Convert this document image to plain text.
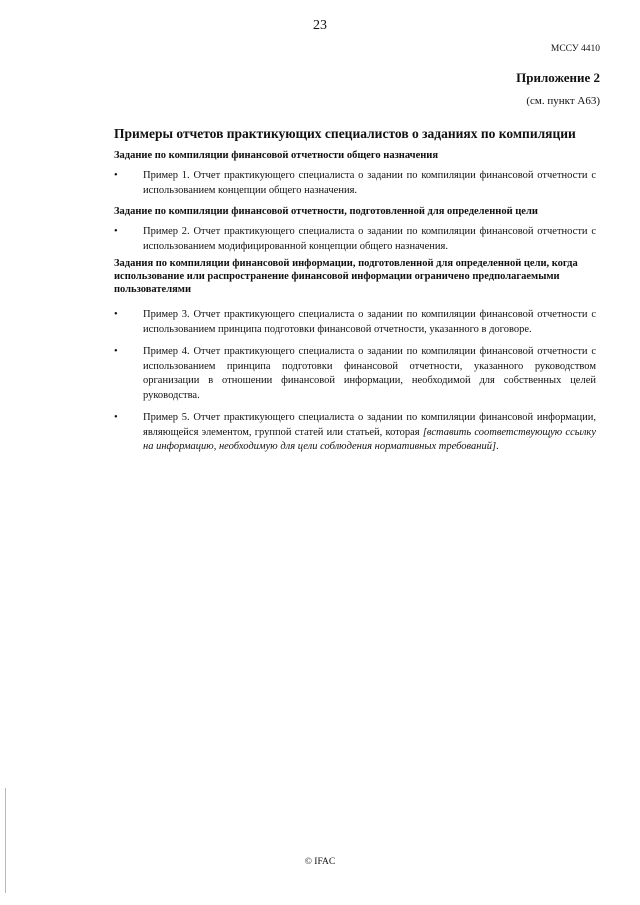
23
МССУ 4410
Приложение 2
(см. пункт А63)
Примеры отчетов практикующих специалистов о заданиях по компиляции
Задание по компиляции финансовой отчетности общего назначения
• Пример 1. Отчет практикующего специалиста о задании по компиляции финансовой отчетности с использованием концепции общего назначения.
Задание по компиляции финансовой отчетности, подготовленной для определенной цели
• Пример 2. Отчет практикующего специалиста о задании по компиляции финансовой отчетности с использованием модифицированной концепции общего назначения.
Задания по компиляции финансовой информации, подготовленной для определенной цели, когда использование или распространение финансовой информации ограничено предполагаемыми пользователями
• Пример 3. Отчет практикующего специалиста о задании по компиляции финансовой отчетности с использованием принципа подготовки финансовой отчетности, указанного в договоре.
• Пример 4. Отчет практикующего специалиста о задании по компиляции финансовой отчетности с использованием принципа подготовки финансовой отчетности, указанного руководством организации в отношении финансовой информации, необходимой для собственных целей руководства.
• Пример 5. Отчет практикующего специалиста о задании по компиляции финансовой информации, являющейся элементом, группой статей или статьей, которая [вставить соответствующую ссылку на информацию, необходимую для цели соблюдения нормативных требований].
© IFAC
